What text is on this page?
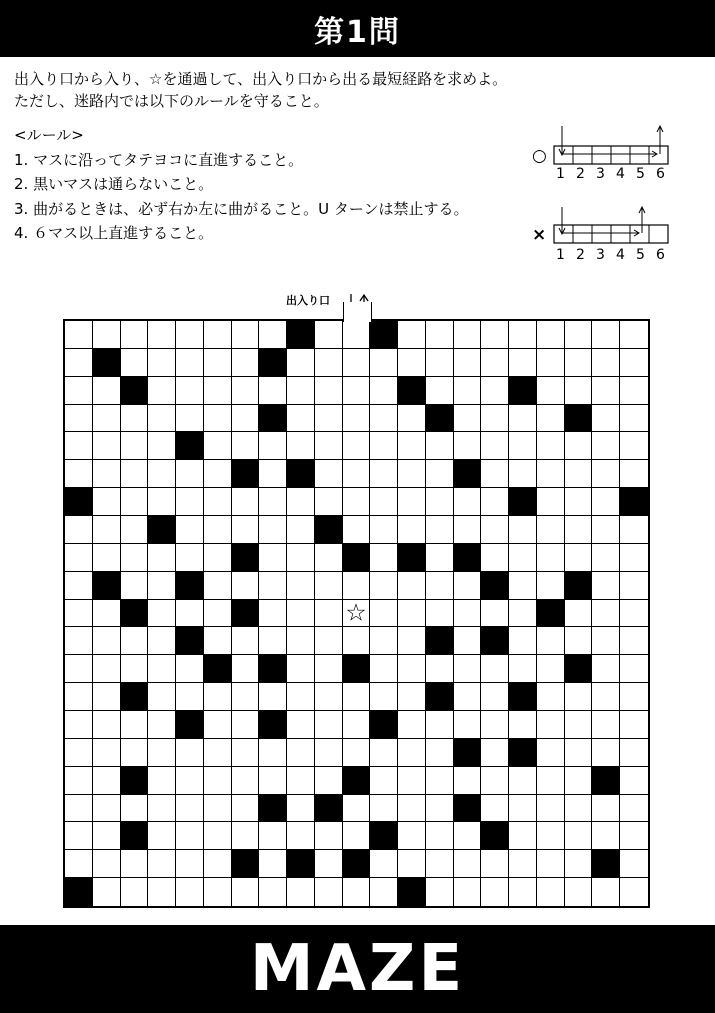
第1問
出入り口から入り、☆を通過して、出入り口から出る最短経路を求めよ。
ただし、迷路内では以下のルールを守ること。
<ルール>
1. マスに沿ってタテヨコに直進すること。
2. 黒いマスは通らないこと。
3. 曲がるときは、必ず右か左に曲がること。U ターンは禁止する。
4. ６マス以上直進すること。
○
1 2 3 4 5 6
×
1 2 3 4 5 6
出入り口
☆
MAZE
